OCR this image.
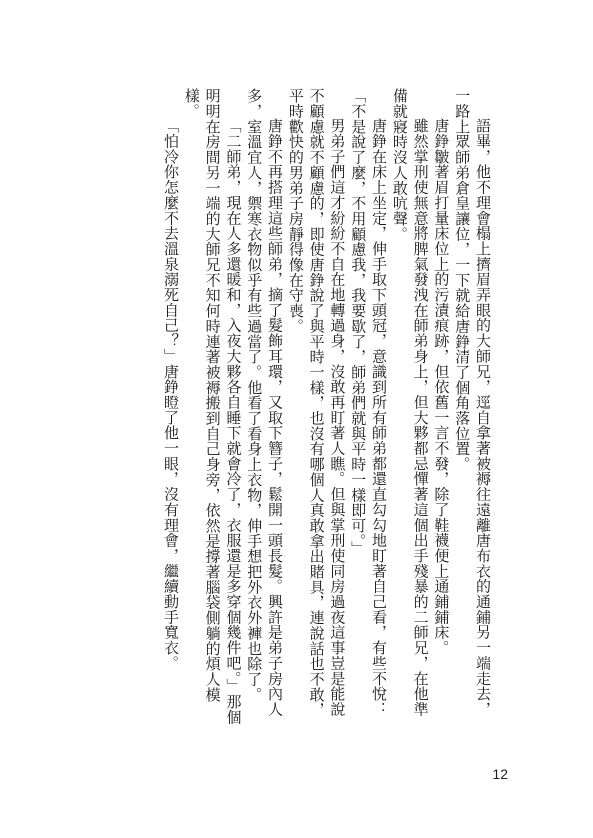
語畢，他不理會榻上擠眉弄眼的大師兄，逕自拿著被褥往遠離唐布衣的通鋪另一端走去，一路上眾師弟倉皇讓位，一下就給唐錚清了個角落位置。

唐錚皺著眉打量床位上的污漬痕跡，但依舊一言不發，除了鞋襪便上通鋪鋪床。

雖然掌刑使無意將脾氣發洩在師弟身上，但大夥都忌憚著這個出手殘暴的二師兄，在他準備就寢時沒人敢吭聲。

唐錚在床上坐定，伸手取下頭冠，意識到所有師弟都還直勾勾地盯著自己看，有些不悅：「不是說了麼，不用顧慮我，我要歇了，師弟們就與平時一樣即可。」

男弟子們這才紛紛不自在地轉過身，沒敢再盯著人瞧。但與掌刑使同房過夜這事豈是能說不顧慮就不顧慮的，即使唐錚說了與平時一樣，也沒有哪個人真敢拿出賭具，連說話也不敢，平時歡快的男弟子房靜得像在守喪。

唐錚不再搭理這些師弟，摘了髮飾耳環，又取下簪子，鬆開一頭長髮。興許是弟子房內人多，室溫宜人，禦寒衣物似乎有些過當了。他看了看身上衣物，伸手想把外衣外褲也除了。

「二師弟，現在人多還暖和，入夜大夥各自睡下就會冷了，衣服還是多穿個幾件吧。」那個明明在房間另一端的大師兄不知何時連著被褥搬到自己身旁，依然是撐著腦袋側躺的煩人模樣。

「怕冷你怎麼不去溫泉溺死自己？」唐錚瞪了他一眼，沒有理會，繼續動手寬衣。

12
